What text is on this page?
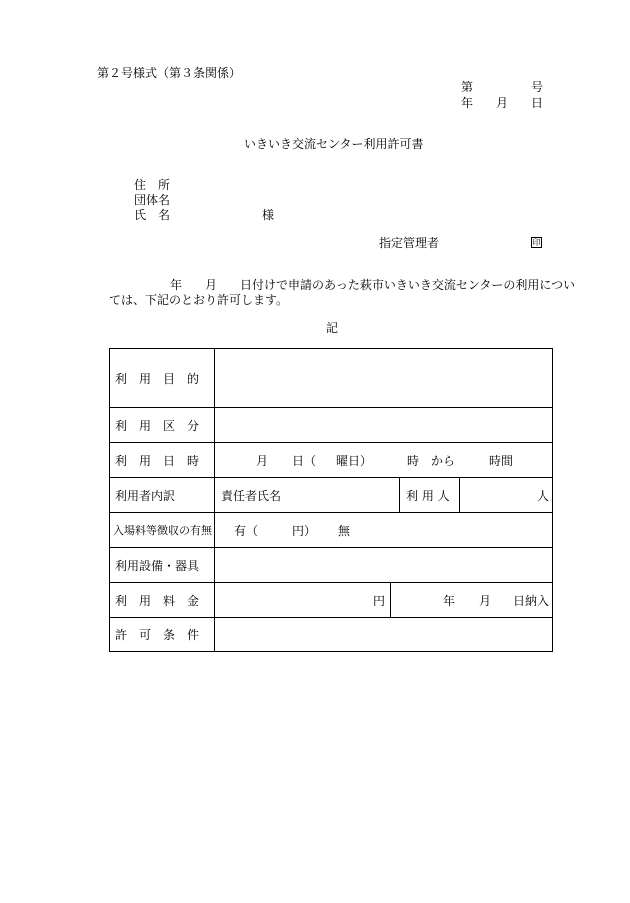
第２号様式（第３条関係）
第	号
年 月 日
いきいき交流センター利用許可書
住　所
団体名
氏　名	様
指定管理者	印
年 月 日付けで申請のあった萩市いきいき交流センターの利用につい
ては、下記のとおり許可します。
記
利　用　目　的
利　用　区　分
利　用　日　時	月 日（ 曜日）	時　から	時間
利用者内訳	責任者氏名	利 用 人	人
入場料等徴収の有無 有（	円） 無
利用設備・器具
利　用　料　金	円	年 月 日納入
許　可　条　件
